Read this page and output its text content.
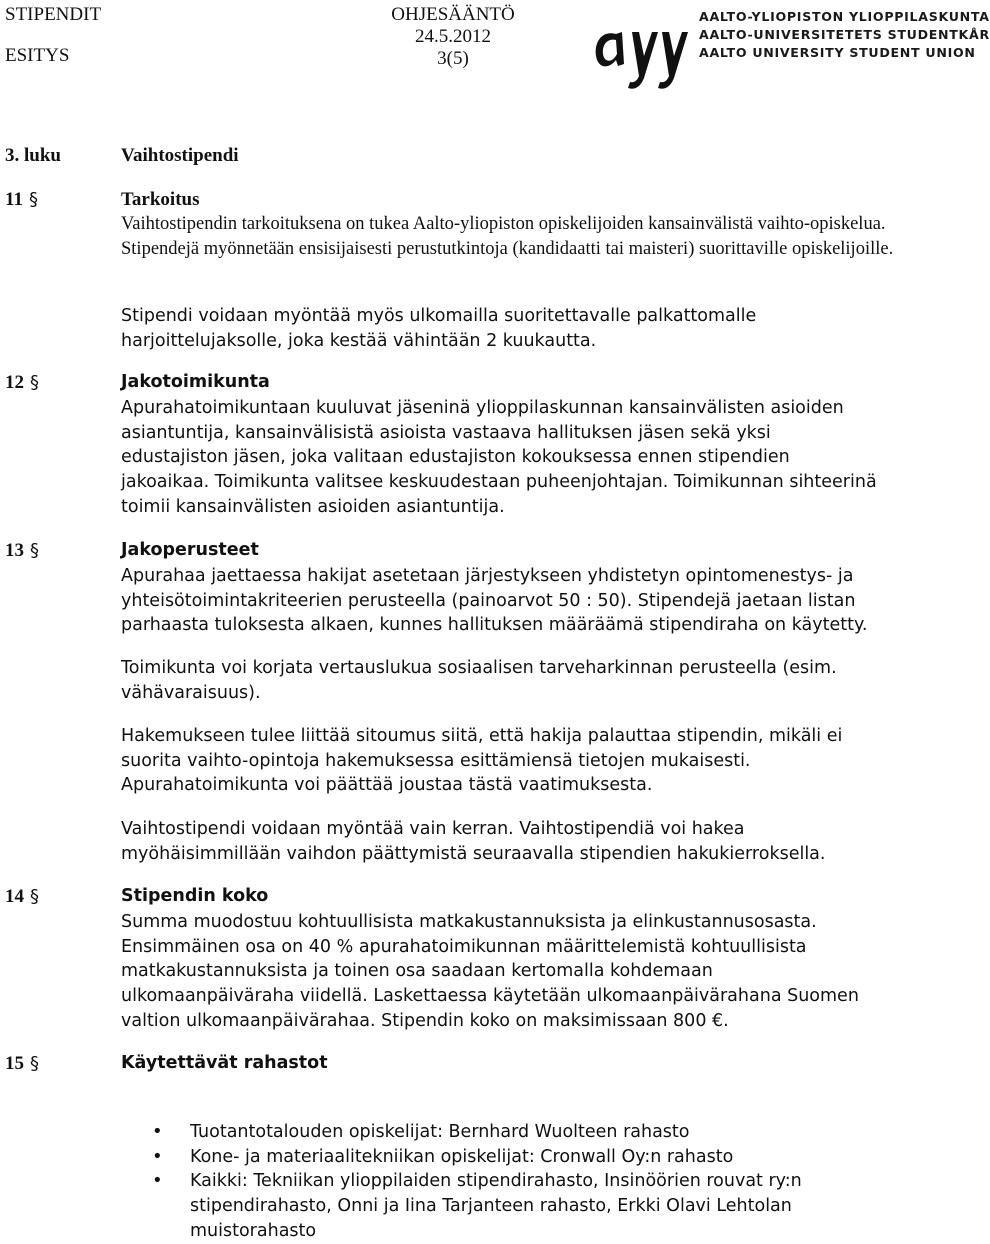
STIPENDIT
ESITYS
OHJESÄÄNTÖ
24.5.2012
3(5)
AALTO-YLIOPISTON YLIOPPILASKUNTA
AALTO-UNIVERSITETETS STUDENTKÅR
AALTO UNIVERSITY STUDENT UNION
3. luku	Vaihtostipendi
11 §	Tarkoitus
Vaihtostipendin tarkoituksena on tukea Aalto-yliopiston opiskelijoiden kansainvälistä vaihto-opiskelua. Stipendejä myönnetään ensisijaisesti perustutkintoja (kandidaatti tai maisteri) suorittaville opiskelijoille.
Stipendi voidaan myöntää myös ulkomailla suoritettavalle palkattomalle harjoittelujaksolle, joka kestää vähintään 2 kuukautta.
12 §	Jakotoimikunta
Apurahatoimikuntaan kuuluvat jäseninä ylioppilaskunnan kansainvälisten asioiden asiantuntija, kansainvälisistä asioista vastaava hallituksen jäsen sekä yksi edustajiston jäsen, joka valitaan edustajiston kokouksessa ennen stipendien jakoaikaa. Toimikunta valitsee keskuudestaan puheenjohtajan. Toimikunnan sihteerinä toimii kansainvälisten asioiden asiantuntija.
13 §	Jakoperusteet
Apurahaa jaettaessa hakijat asetetaan järjestykseen yhdistetyn opintomenestys- ja yhteisötoimintakriteerien perusteella (painoarvot 50 : 50). Stipendejä jaetaan listan parhaasta tuloksesta alkaen, kunnes hallituksen määräämä stipendiraha on käytetty.
Toimikunta voi korjata vertauslukua sosiaalisen tarveharkinnan perusteella (esim. vähävaraisuus).
Hakemukseen tulee liittää sitoumus siitä, että hakija palauttaa stipendin, mikäli ei suorita vaihto-opintoja hakemuksessa esittämiensä tietojen mukaisesti. Apurahatoimikunta voi päättää joustaa tästä vaatimuksesta.
Vaihtostipendi voidaan myöntää vain kerran. Vaihtostipendiä voi hakea myöhäisimmillään vaihdon päättymistä seuraavalla stipendien hakukierroksella.
14 §	Stipendin koko
Summa muodostuu kohtuullisista matkakustannuksista ja elinkustannusosasta. Ensimmäinen osa on 40 % apurahatoimikunnan määrittelemistä kohtuullisista matkakustannuksista ja toinen osa saadaan kertomalla kohdemaan ulkomaanpäiväraha viidellä. Laskettaessa käytetään ulkomaanpäivärahana Suomen valtion ulkomaanpäivärahaa. Stipendin koko on maksimissaan 800 €.
15 §	Käytettävät rahastot
• Tuotantotalouden opiskelijat: Bernhard Wuolteen rahasto
• Kone- ja materiaalitekniikan opiskelijat: Cronwall Oy:n rahasto
• Kaikki: Tekniikan ylioppilaiden stipendirahasto, Insinöörien rouvat ry:n stipendirahasto, Onni ja Iina Tarjanteen rahasto, Erkki Olavi Lehtolan muistorahasto
